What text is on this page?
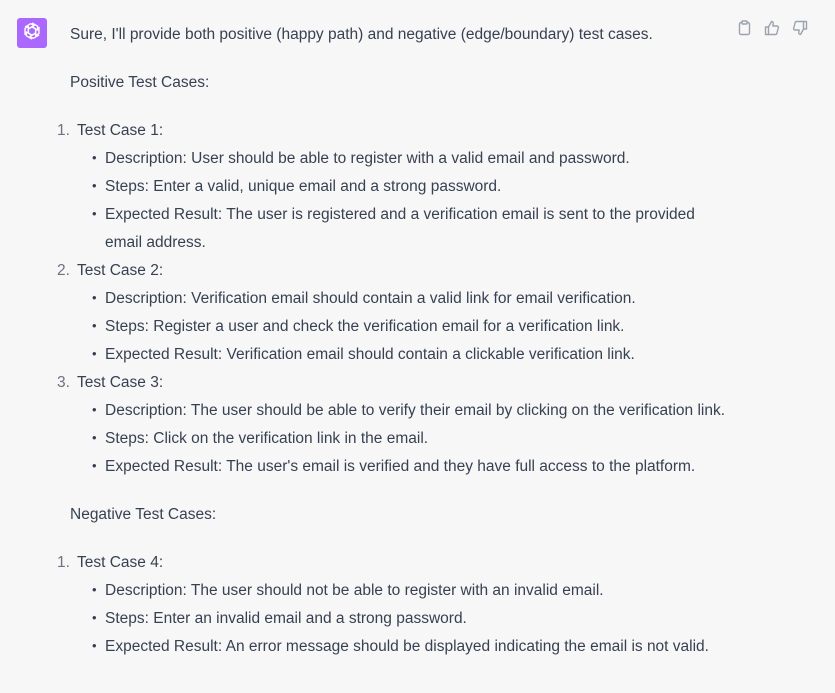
Sure, I'll provide both positive (happy path) and negative (edge/boundary) test cases.

Positive Test Cases:

1. Test Case 1:
• Description: User should be able to register with a valid email and password.
• Steps: Enter a valid, unique email and a strong password.
• Expected Result: The user is registered and a verification email is sent to the provided email address.
2. Test Case 2:
• Description: Verification email should contain a valid link for email verification.
• Steps: Register a user and check the verification email for a verification link.
• Expected Result: Verification email should contain a clickable verification link.
3. Test Case 3:
• Description: The user should be able to verify their email by clicking on the verification link.
• Steps: Click on the verification link in the email.
• Expected Result: The user's email is verified and they have full access to the platform.

Negative Test Cases:

1. Test Case 4:
• Description: The user should not be able to register with an invalid email.
• Steps: Enter an invalid email and a strong password.
• Expected Result: An error message should be displayed indicating the email is not valid.
